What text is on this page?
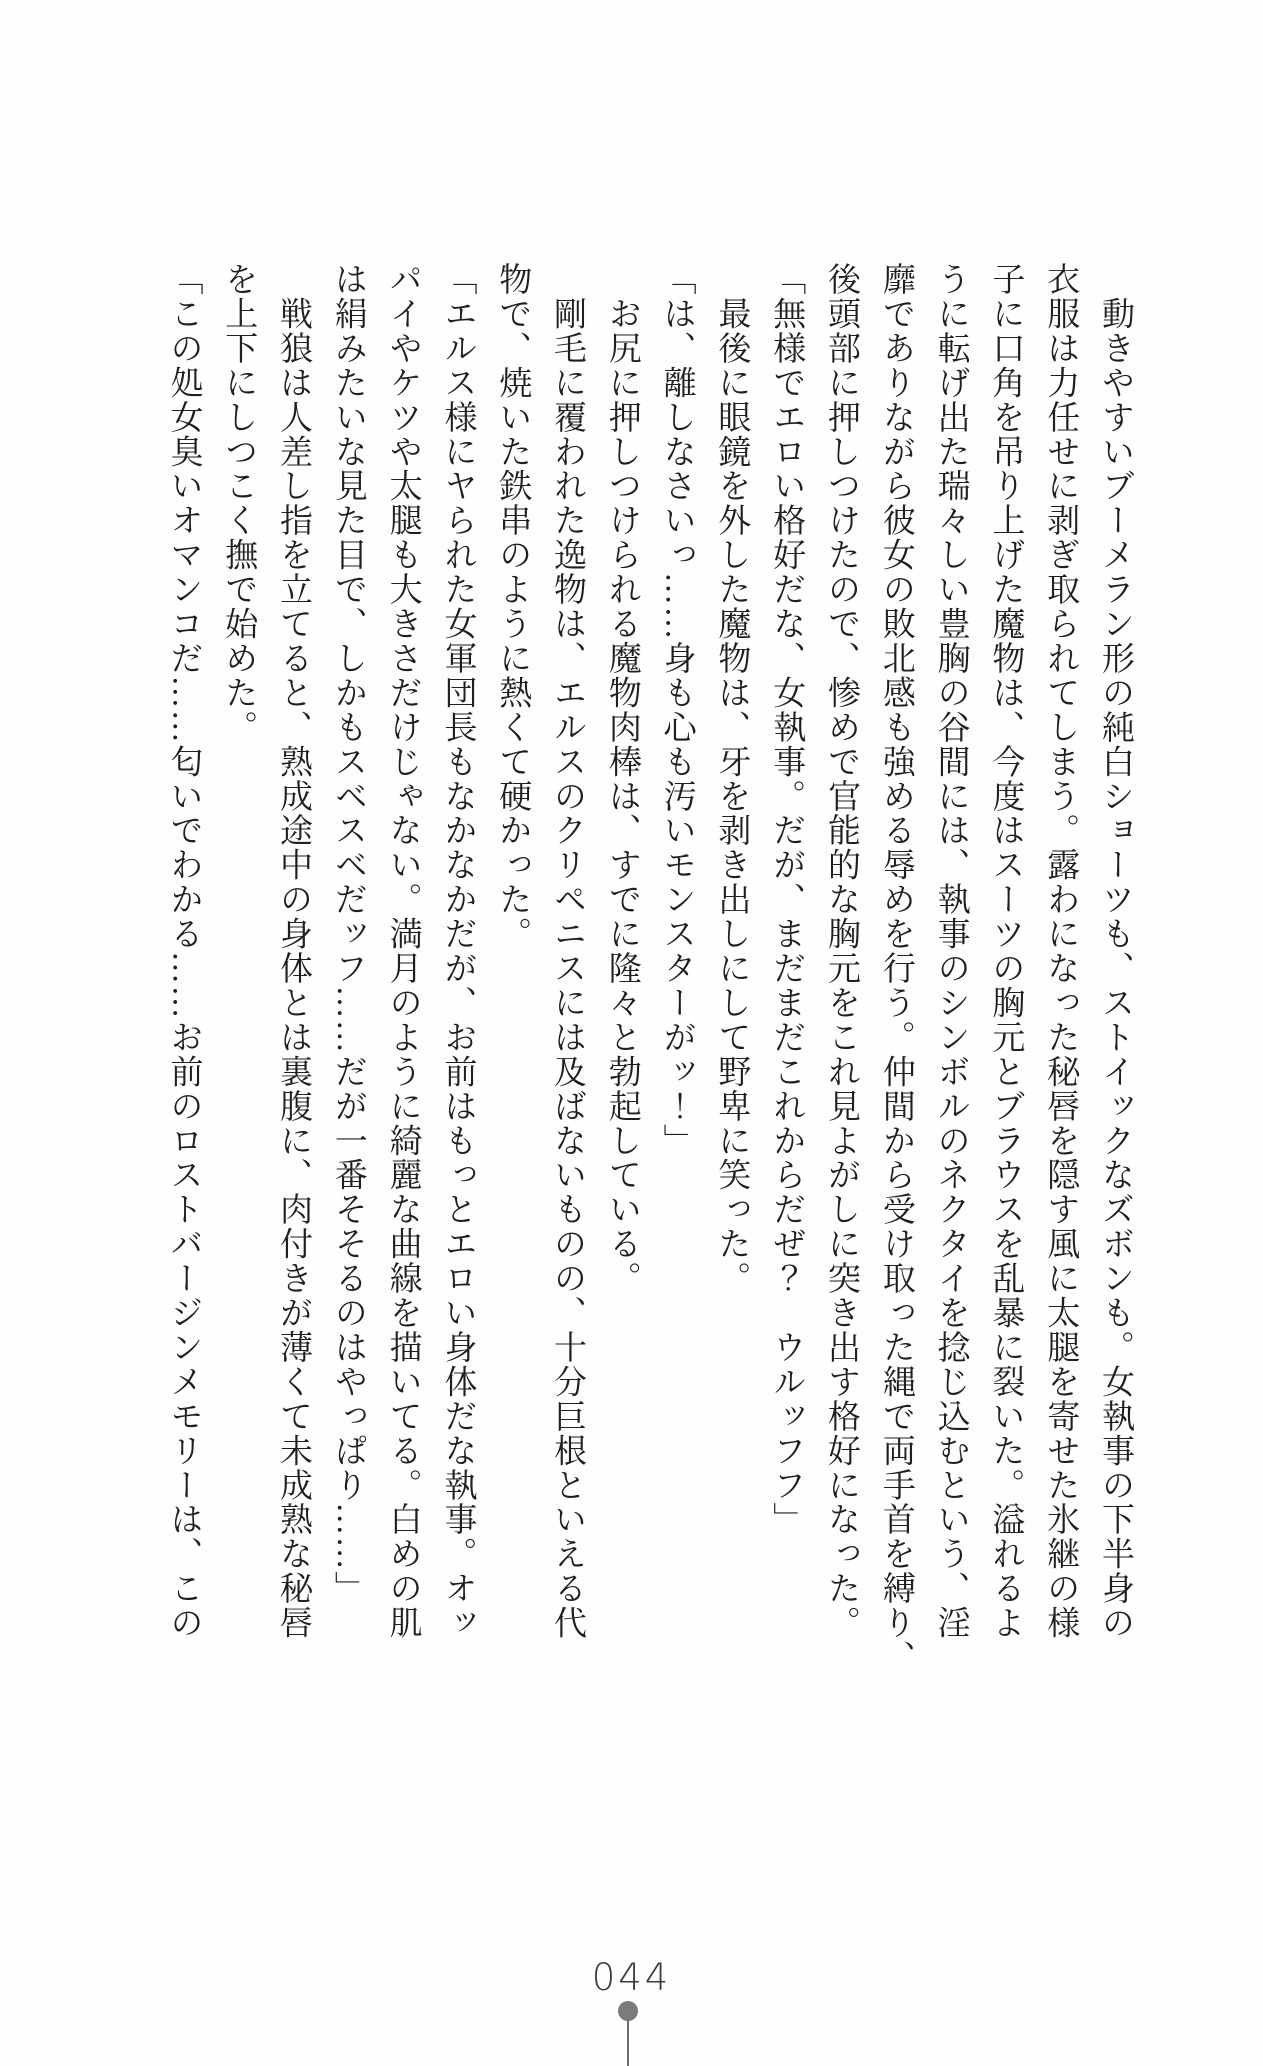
　動きやすいブーメラン形の純白ショーツも、ストイックなズボンも。女執事の下半身の

衣服は力任せに剥ぎ取られてしまう。露わになった秘唇を隠す風に太腿を寄せた氷継の様

子に口角を吊り上げた魔物は、今度はスーツの胸元とブラウスを乱暴に裂いた。溢れるよ

うに転げ出た瑞々しい豊胸の谷間には、執事のシンボルのネクタイを捻じ込むという、淫

靡でありながら彼女の敗北感も強める辱めを行う。仲間から受け取った縄で両手首を縛り、

後頭部に押しつけたので、惨めで官能的な胸元をこれ見よがしに突き出す格好になった。

「無様でエロい格好だな、女執事。だが、まだまだこれからだぜ？　ウルッフフ」

　最後に眼鏡を外した魔物は、牙を剥き出しにして野卑に笑った。

「は、離しなさいっ……身も心も汚いモンスターがッ！」

　お尻に押しつけられる魔物肉棒は、すでに隆々と勃起している。

　剛毛に覆われた逸物は、エルスのクリペニスには及ばないものの、十分巨根といえる代

物で、焼いた鉄串のように熱くて硬かった。

「エルス様にヤられた女軍団長もなかなかだが、お前はもっとエロい身体だな執事。オッ

パイやケツや太腿も大きさだけじゃない。満月のように綺麗な曲線を描いてる。白めの肌

は絹みたいな見た目で、しかもスベスベだッフ……だが一番そそるのはやっぱり……」

　戦狼は人差し指を立てると、熟成途中の身体とは裏腹に、肉付きが薄くて未成熟な秘唇

を上下にしつこく撫で始めた。

「この処女臭いオマンコだ……匂いでわかる……お前のロストバージンメモリーは、この

044
